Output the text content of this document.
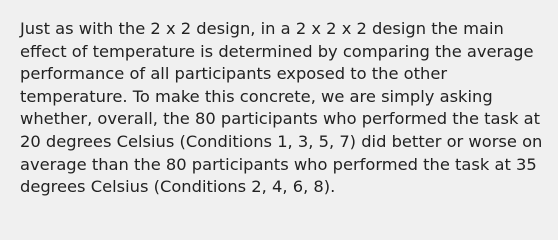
Just as with the 2 x 2 design, in a 2 x 2 x 2 design the main
effect of temperature is determined by comparing the average
performance of all participants exposed to the other
temperature. To make this concrete, we are simply asking
whether, overall, the 80 participants who performed the task at
20 degrees Celsius (Conditions 1, 3, 5, 7) did better or worse on
average than the 80 participants who performed the task at 35
degrees Celsius (Conditions 2, 4, 6, 8).
